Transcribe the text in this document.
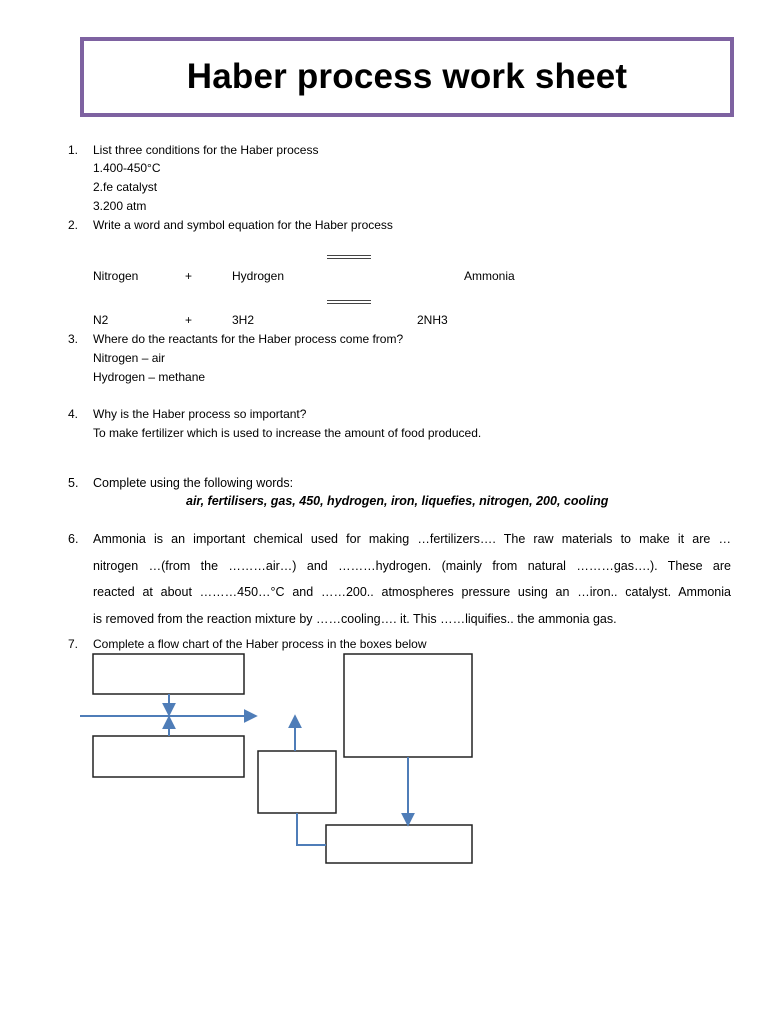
Haber process work sheet
1. List three conditions for the Haber process
1.400-450°C
2.fe catalyst
3.200 atm
2. Write a word and symbol equation for the Haber process
Nitrogen	+	Hydrogen	Ammonia
N2	+	3H2	2NH3
3. Where do the reactants for the Haber process come from?
Nitrogen – air
Hydrogen – methane
4. Why is the Haber process so important?
To make fertilizer which is used to increase the amount of food produced.
5. Complete using the following words:
air, fertilisers, gas, 450, hydrogen, iron, liquefies, nitrogen, 200, cooling
6. Ammonia is an important chemical used for making …fertilizers…. The raw materials to make it are …
nitrogen …(from the ………air…) and ………hydrogen. (mainly from natural ………gas….). These are
reacted at about ………450…°C and ……200.. atmospheres pressure using an …iron.. catalyst. Ammonia
is removed from the reaction mixture by ……cooling…. it. This ……liquifies.. the ammonia gas.
7. Complete a flow chart of the Haber process in the boxes below
